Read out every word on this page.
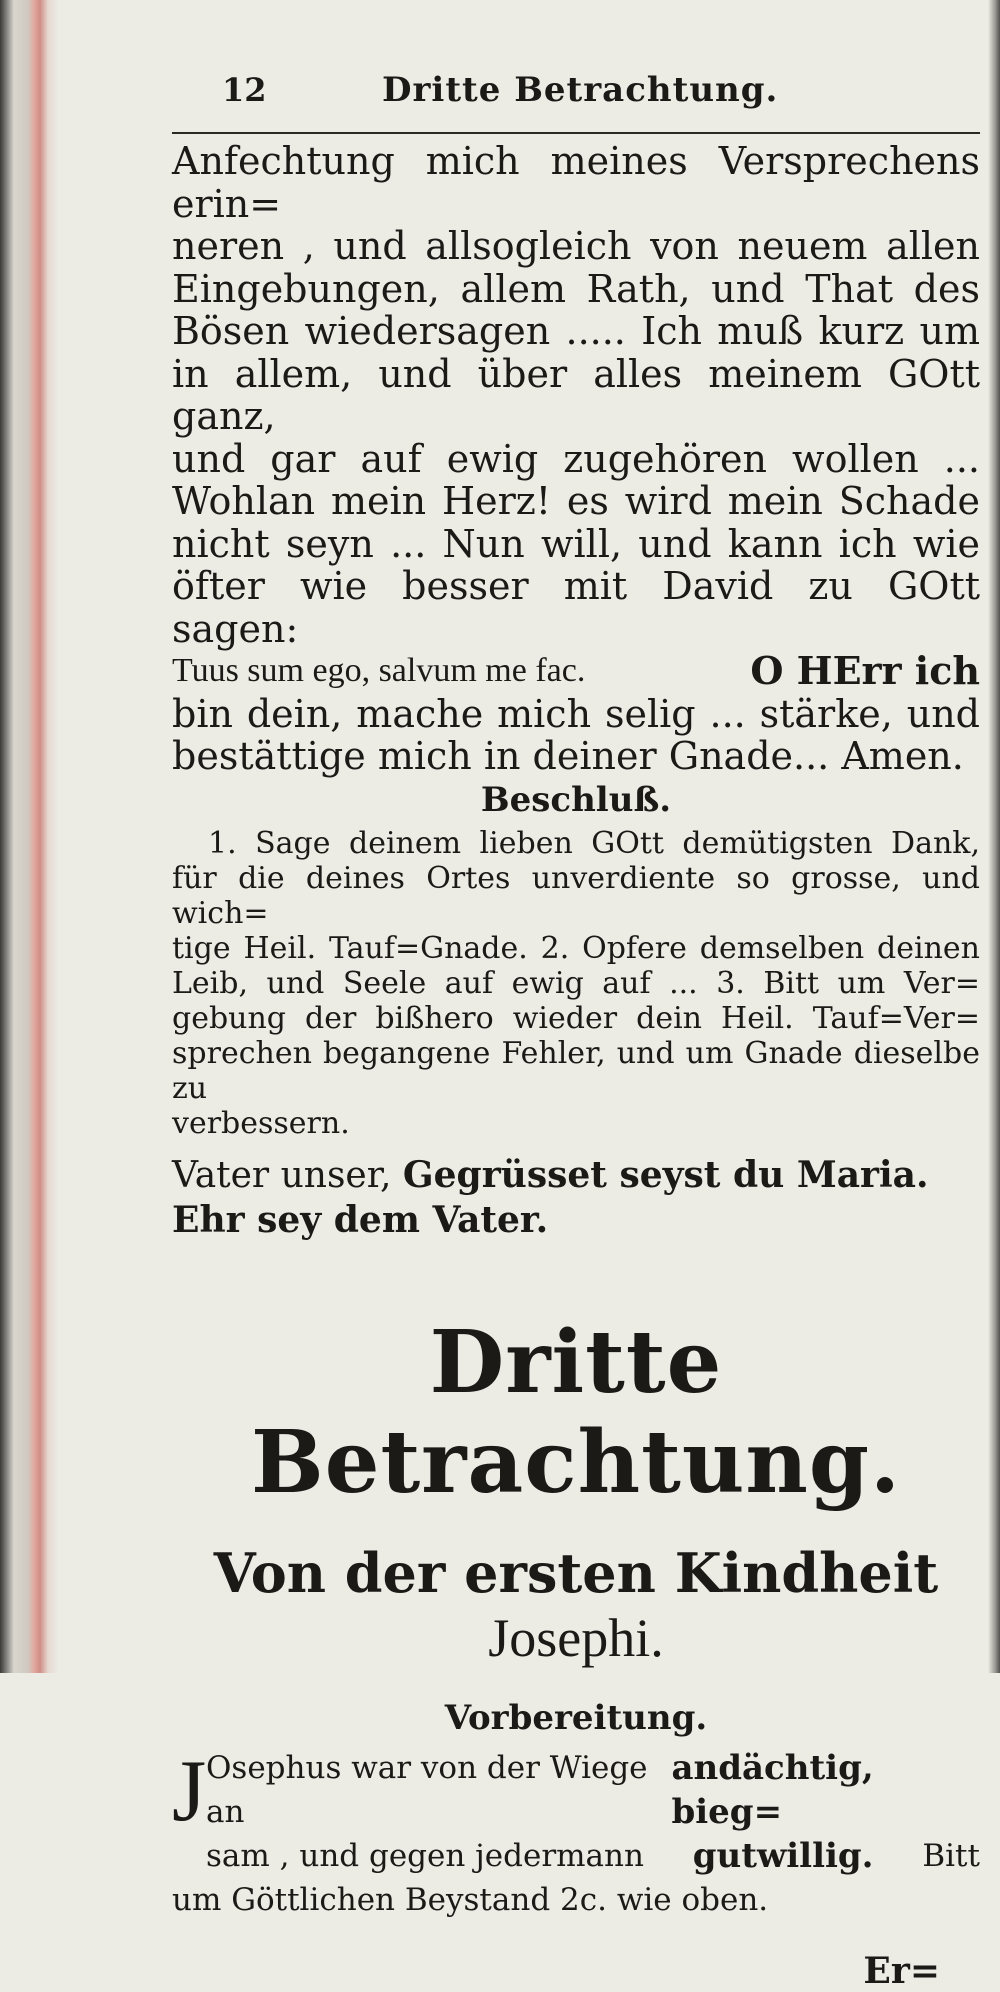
12	Dritte Betrachtung.
Anfechtung mich meines Versprechens erin=
neren , und allsogleich von neuem allen
Eingebungen, allem Rath, und That des
Bösen wiedersagen ..... Ich muß kurz um
in allem, und über alles meinem GOtt ganz,
und gar auf ewig zugehören wollen ...
Wohlan mein Herz! es wird mein Schade
nicht seyn ... Nun will, und kann ich wie
öfter wie besser mit David zu GOtt sagen:
Tuus sum ego, salvum me fac.	O HErr ich
bin dein, mache mich selig ... stärke, und
bestättige mich in deiner Gnade... Amen.
Beschluß.
1. Sage deinem lieben GOtt demütigsten Dank,
für die deines Ortes unverdiente so grosse, und wich=
tige Heil. Tauf=Gnade. 2. Opfere demselben deinen
Leib, und Seele auf ewig auf ... 3. Bitt um Ver=
gebung der bißhero wieder dein Heil. Tauf=Ver=
sprechen begangene Fehler, und um Gnade dieselbe zu
verbessern.
Vater unser, Gegrüsset seyst du Maria.
Ehr sey dem Vater.
Dritte Betrachtung.
Von der ersten Kindheit Josephi.
Vorbereitung.
J Osephus war von der Wiege an
andächtig, bieg=
sam , und gegen jedermann gutwillig. Bitt
um Göttlichen Beystand 2c. wie oben.
Er=
